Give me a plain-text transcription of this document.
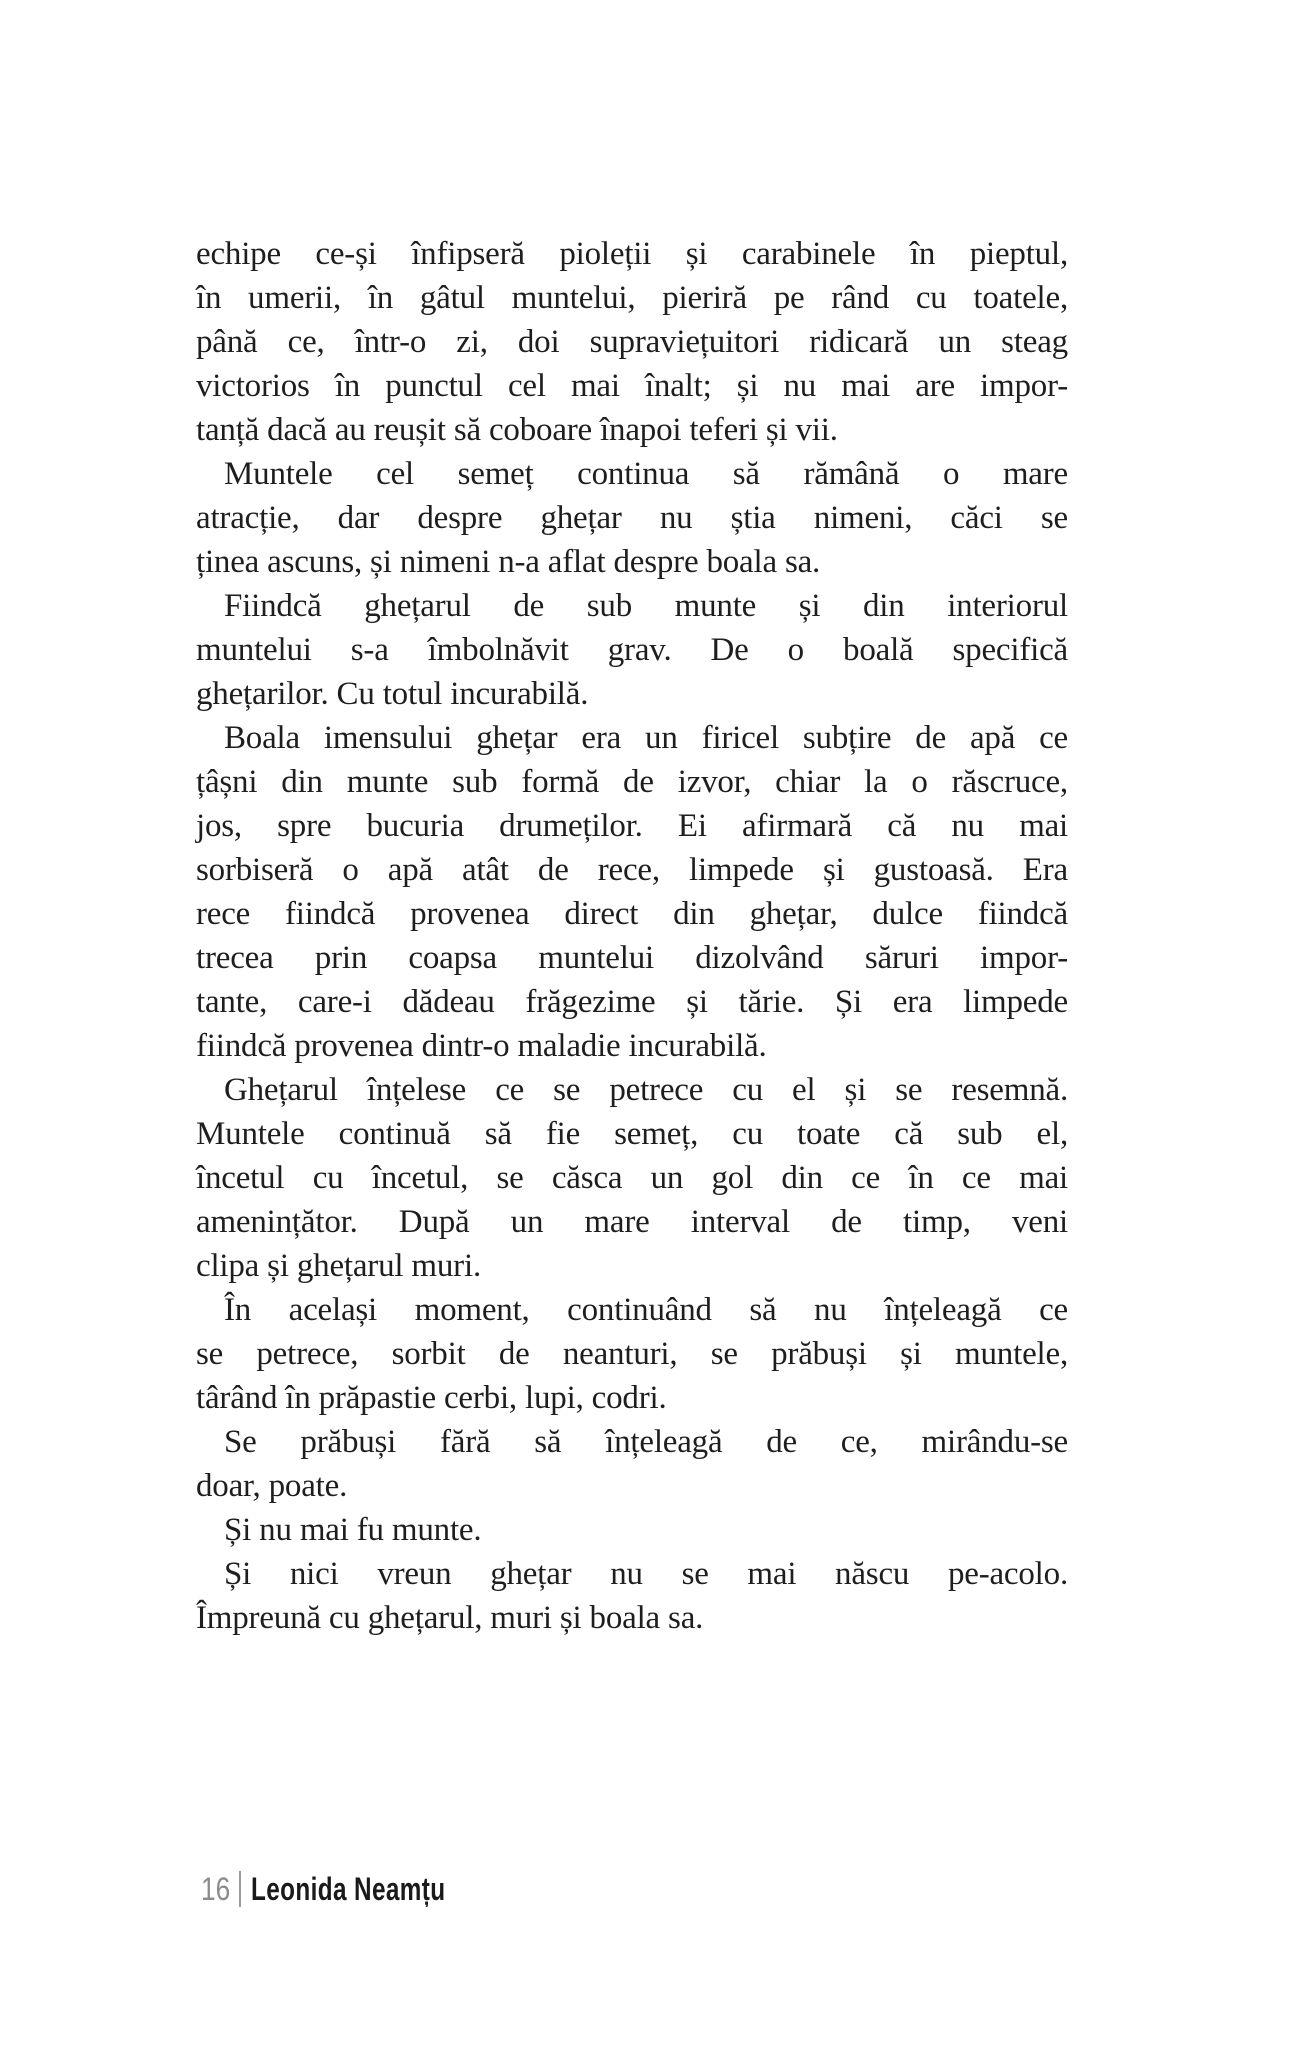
echipe ce-și înfipseră pioleții și carabinele în pieptul,
în umerii, în gâtul muntelui, pieriră pe rând cu toatele,
până ce, într-o zi, doi supraviețuitori ridicară un steag
victorios în punctul cel mai înalt; și nu mai are impor-
tanță dacă au reușit să coboare înapoi teferi și vii.
Muntele cel semeț continua să rămână o mare
atracție, dar despre ghețar nu știa nimeni, căci se
ținea ascuns, și nimeni n-a aflat despre boala sa.
Fiindcă ghețarul de sub munte și din interiorul
muntelui s-a îmbolnăvit grav. De o boală specifică
ghețarilor. Cu totul incurabilă.
Boala imensului ghețar era un firicel subțire de apă ce
țâșni din munte sub formă de izvor, chiar la o răscruce,
jos, spre bucuria drumeților. Ei afirmară că nu mai
sorbiseră o apă atât de rece, limpede și gustoasă. Era
rece fiindcă provenea direct din ghețar, dulce fiindcă
trecea prin coapsa muntelui dizolvând săruri impor-
tante, care-i dădeau frăgezime și tărie. Și era limpede
fiindcă provenea dintr-o maladie incurabilă.
Ghețarul înțelese ce se petrece cu el și se resemnă.
Muntele continuă să fie semeț, cu toate că sub el,
încetul cu încetul, se căsca un gol din ce în ce mai
amenințător. După un mare interval de timp, veni
clipa și ghețarul muri.
În același moment, continuând să nu înțeleagă ce
se petrece, sorbit de neanturi, se prăbuși și muntele,
târând în prăpastie cerbi, lupi, codri.
Se prăbuși fără să înțeleagă de ce, mirându-se
doar, poate.
Și nu mai fu munte.
Și nici vreun ghețar nu se mai născu pe-acolo.
Împreună cu ghețarul, muri și boala sa.
16 Leonida Neamțu
